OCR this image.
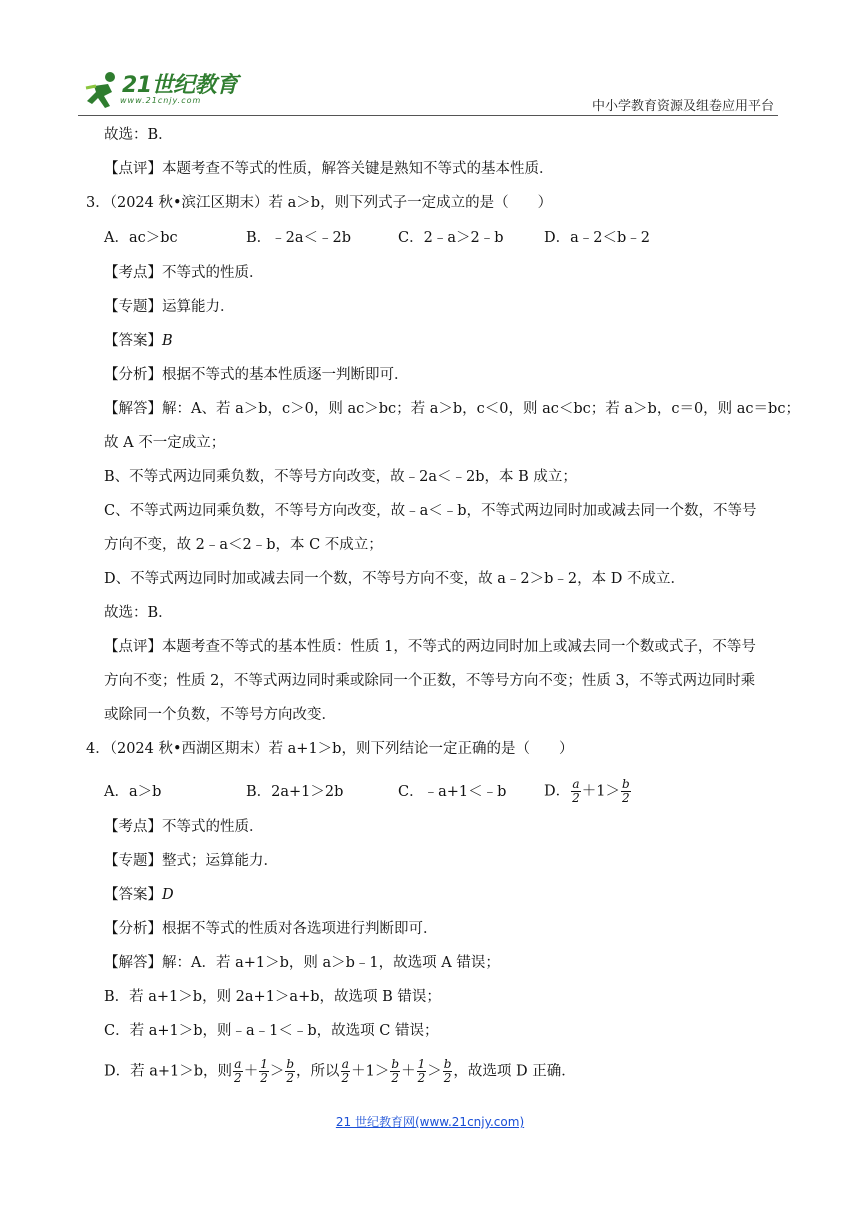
21世纪教育
www.21cnjy.com	中小学教育资源及组卷应用平台
故选：B．
【点评】本题考查不等式的性质，解答关键是熟知不等式的基本性质．
3．（2024 秋•滨江区期末）若 a＞b，则下列式子一定成立的是（　　）
A．ac＞bc	B．﹣2a＜﹣2b	C．2﹣a＞2﹣b	D．a﹣2＜b﹣2
【考点】不等式的性质．
【专题】运算能力．
【答案】B
【分析】根据不等式的基本性质逐一判断即可．
【解答】解：A、若 a＞b，c＞0，则 ac＞bc；若 a＞b，c＜0，则 ac＜bc；若 a＞b，c＝0，则 ac＝bc；
故 A 不一定成立；
B、不等式两边同乘负数，不等号方向改变，故﹣2a＜﹣2b，本 B 成立；
C、不等式两边同乘负数，不等号方向改变，故﹣a＜﹣b，不等式两边同时加或减去同一个数，不等号
方向不变，故 2﹣a＜2﹣b，本 C 不成立；
D、不等式两边同时加或减去同一个数，不等号方向不变，故 a﹣2＞b﹣2，本 D 不成立．
故选：B．
【点评】本题考查不等式的基本性质：性质 1，不等式的两边同时加上或减去同一个数或式子，不等号
方向不变；性质 2，不等式两边同时乘或除同一个正数，不等号方向不变；性质 3，不等式两边同时乘
或除同一个负数，不等号方向改变．
4．（2024 秋•西湖区期末）若 a+1＞b，则下列结论一定正确的是（　　）
A．a＞b	B．2a+1＞2b	C．﹣a+1＜﹣b	D． $\frac{a}{2} +1> \frac{b}{2}$
【考点】不等式的性质．
【专题】整式；运算能力．
【答案】D
【分析】根据不等式的性质对各选项进行判断即可．
【解答】解：A．若 a+1＞b，则 a＞b﹣1，故选项 A 错误；
B．若 a+1＞b，则 2a+1＞a+b，故选项 B 错误；
C．若 a+1＞b，则﹣a﹣1＜﹣b，故选项 C 错误；
D．若 a+1＞b，则 $\frac{a}{2} + \frac{1}{2} > \frac{b}{2}$ ，所以 $\frac{a}{2} +1> \frac{b}{2} + \frac{1}{2} > \frac{b}{2}$ ，故选项 D 正确．
21 世纪教育网(www.21cnjy.com)
